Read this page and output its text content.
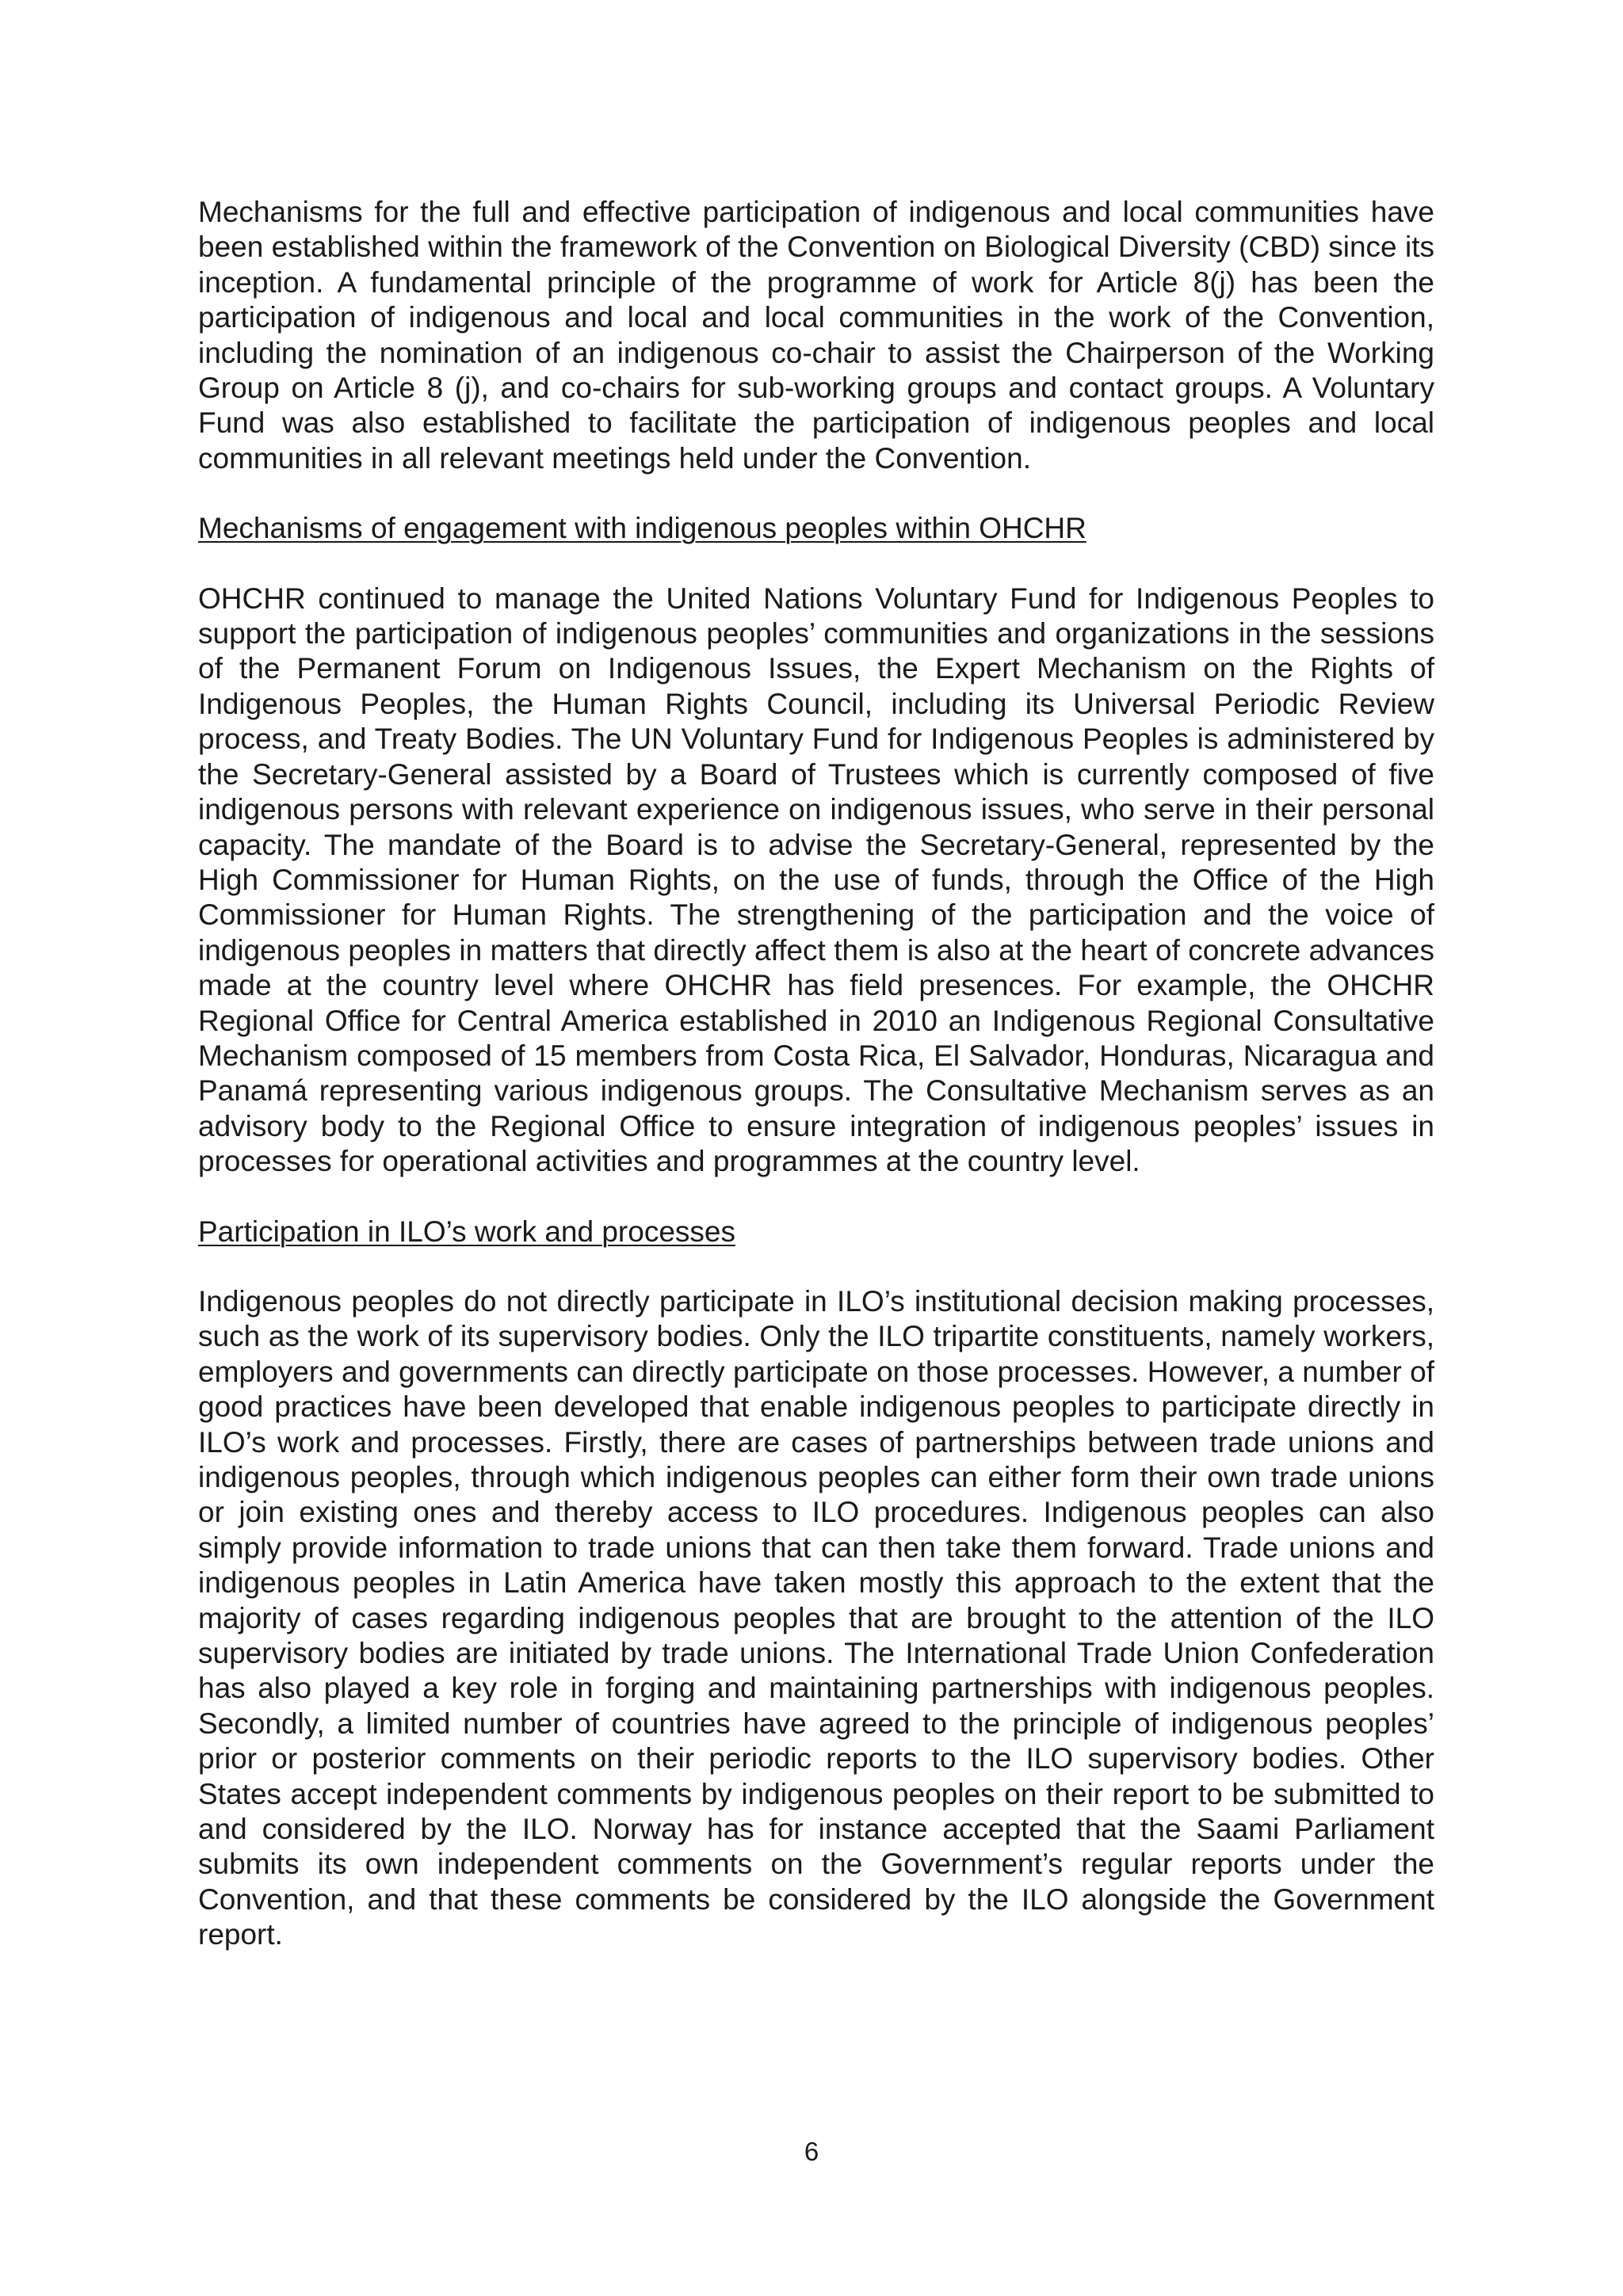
Mechanisms for the full and effective participation of indigenous and local communities have been established within the framework of the Convention on Biological Diversity (CBD) since its inception. A fundamental principle of the programme of work for Article 8(j) has been the participation of indigenous and local and local communities in the work of the Convention, including the nomination of an indigenous co-chair to assist the Chairperson of the Working Group on Article 8 (j), and co-chairs for sub-working groups and contact groups. A Voluntary Fund was also established to facilitate the participation of indigenous peoples and local communities in all relevant meetings held under the Convention.

Mechanisms of engagement with indigenous peoples within OHCHR

OHCHR continued to manage the United Nations Voluntary Fund for Indigenous Peoples to support the participation of indigenous peoples’ communities and organizations in the sessions of the Permanent Forum on Indigenous Issues, the Expert Mechanism on the Rights of Indigenous Peoples, the Human Rights Council, including its Universal Periodic Review process, and Treaty Bodies. The UN Voluntary Fund for Indigenous Peoples is administered by the Secretary-General assisted by a Board of Trustees which is currently composed of five indigenous persons with relevant experience on indigenous issues, who serve in their personal capacity. The mandate of the Board is to advise the Secretary-General, represented by the High Commissioner for Human Rights, on the use of funds, through the Office of the High Commissioner for Human Rights. The strengthening of the participation and the voice of indigenous peoples in matters that directly affect them is also at the heart of concrete advances made at the country level where OHCHR has field presences. For example, the OHCHR Regional Office for Central America established in 2010 an Indigenous Regional Consultative Mechanism composed of 15 members from Costa Rica, El Salvador, Honduras, Nicaragua and Panamá representing various indigenous groups. The Consultative Mechanism serves as an advisory body to the Regional Office to ensure integration of indigenous peoples’ issues in processes for operational activities and programmes at the country level.

Participation in ILO’s work and processes

Indigenous peoples do not directly participate in ILO’s institutional decision making processes, such as the work of its supervisory bodies. Only the ILO tripartite constituents, namely workers, employers and governments can directly participate on those processes. However, a number of good practices have been developed that enable indigenous peoples to participate directly in ILO’s work and processes. Firstly, there are cases of partnerships between trade unions and indigenous peoples, through which indigenous peoples can either form their own trade unions or join existing ones and thereby access to ILO procedures. Indigenous peoples can also simply provide information to trade unions that can then take them forward. Trade unions and indigenous peoples in Latin America have taken mostly this approach to the extent that the majority of cases regarding indigenous peoples that are brought to the attention of the ILO supervisory bodies are initiated by trade unions. The International Trade Union Confederation has also played a key role in forging and maintaining partnerships with indigenous peoples. Secondly, a limited number of countries have agreed to the principle of indigenous peoples’ prior or posterior comments on their periodic reports to the ILO supervisory bodies. Other States accept independent comments by indigenous peoples on their report to be submitted to and considered by the ILO. Norway has for instance accepted that the Saami Parliament submits its own independent comments on the Government’s regular reports under the Convention, and that these comments be considered by the ILO alongside the Government report.

6
